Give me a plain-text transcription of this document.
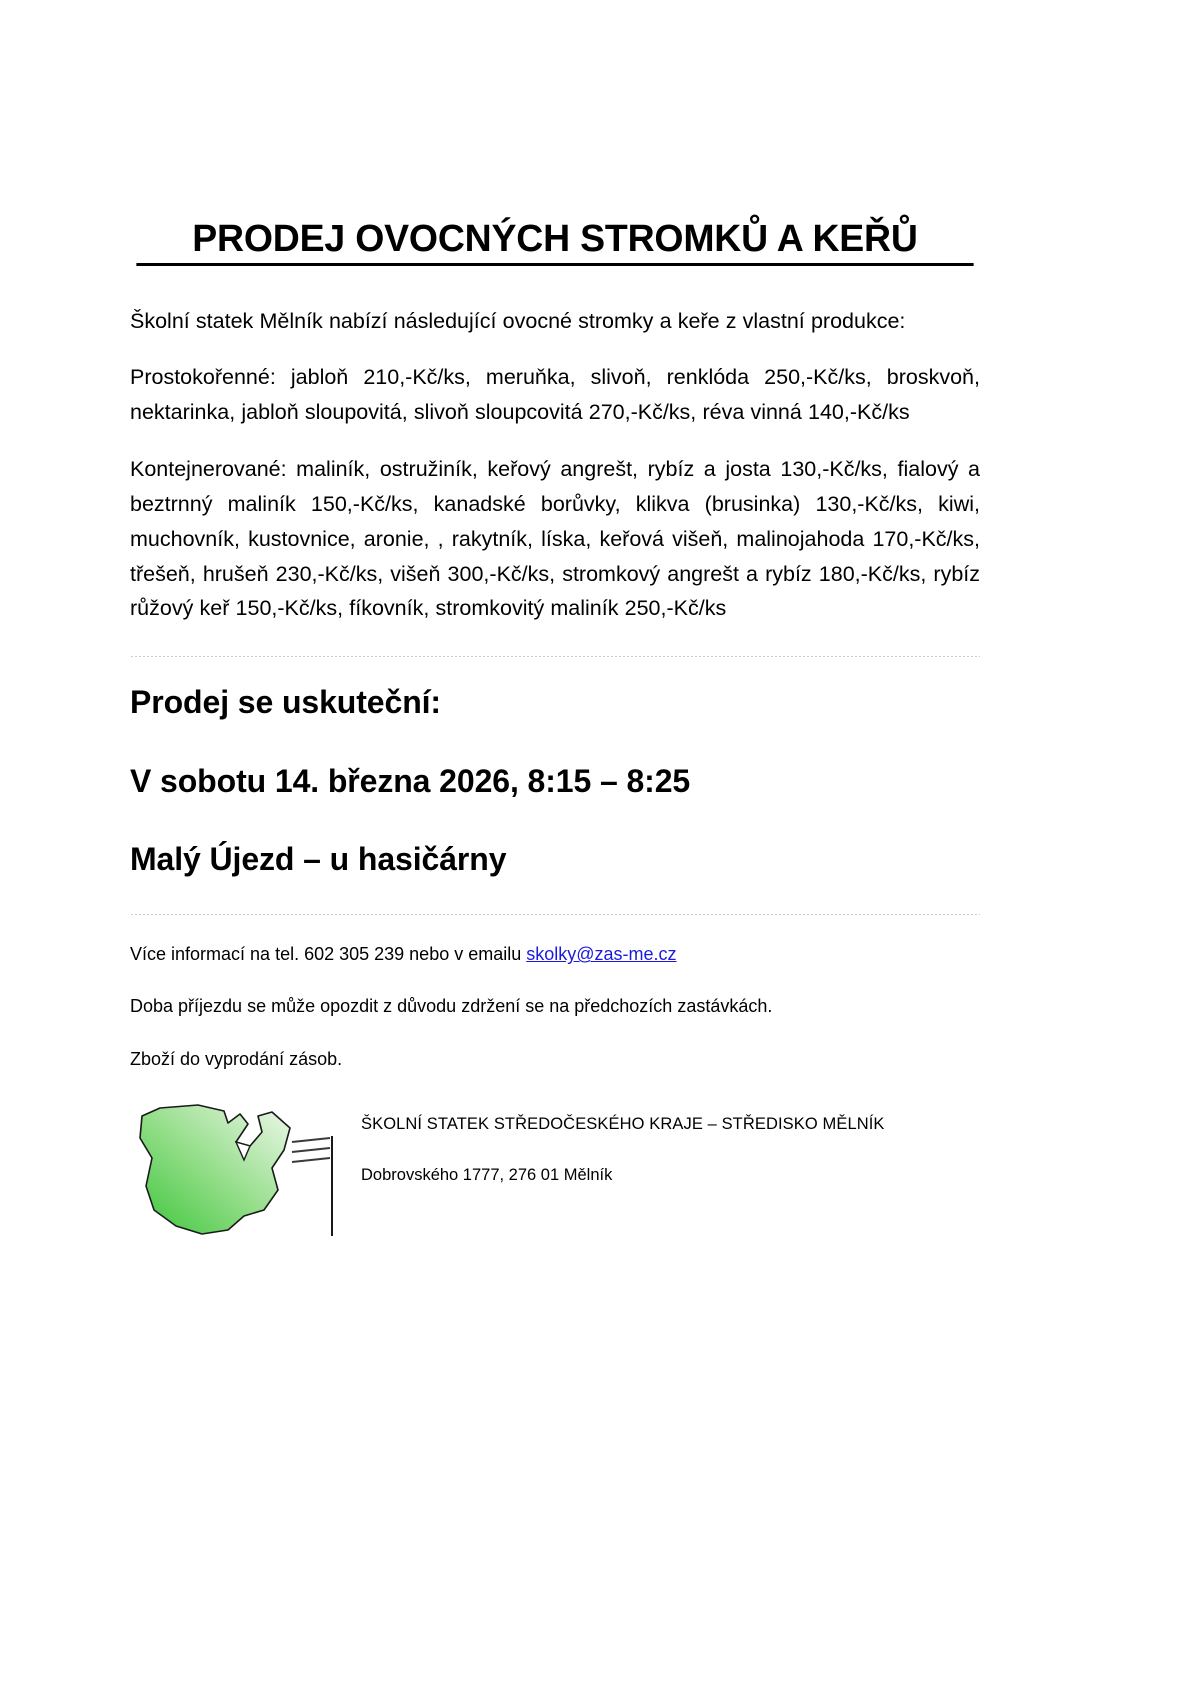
PRODEJ OVOCNÝCH STROMKŮ A KEŘŮ

Školní statek Mělník nabízí následující ovocné stromky a keře z vlastní produkce:

Prostokořenné: jabloň 210,-Kč/ks, meruňka, slivoň, renklóda 250,-Kč/ks, broskvoň, nektarinka, jabloň sloupovitá, slivoň sloupcovitá 270,-Kč/ks, réva vinná 140,-Kč/ks

Kontejnerované: maliník, ostružiník, keřový angrešt, rybíz a josta 130,-Kč/ks, fialový a beztrnný maliník 150,-Kč/ks, kanadské borůvky, klikva (brusinka) 130,-Kč/ks, kiwi, muchovník, kustovnice, aronie, , rakytník, líska, keřová višeň, malinojahoda 170,-Kč/ks, třešeň, hrušeň 230,-Kč/ks, višeň 300,-Kč/ks, stromkový angrešt a rybíz 180,-Kč/ks, rybíz růžový keř 150,-Kč/ks, fíkovník, stromkovitý maliník 250,-Kč/ks

Prodej se uskuteční:
V sobotu 14. března 2026, 8:15 – 8:25
Malý Újezd – u hasičárny

Více informací na tel. 602 305 239 nebo v emailu skolky@zas-me.cz

Doba příjezdu se může opozdit z důvodu zdržení se na předchozích zastávkách.

Zboží do vyprodání zásob.

ŠKOLNÍ STATEK STŘEDOČESKÉHO KRAJE – STŘEDISKO MĚLNÍK
Dobrovského 1777, 276 01 Mělník
